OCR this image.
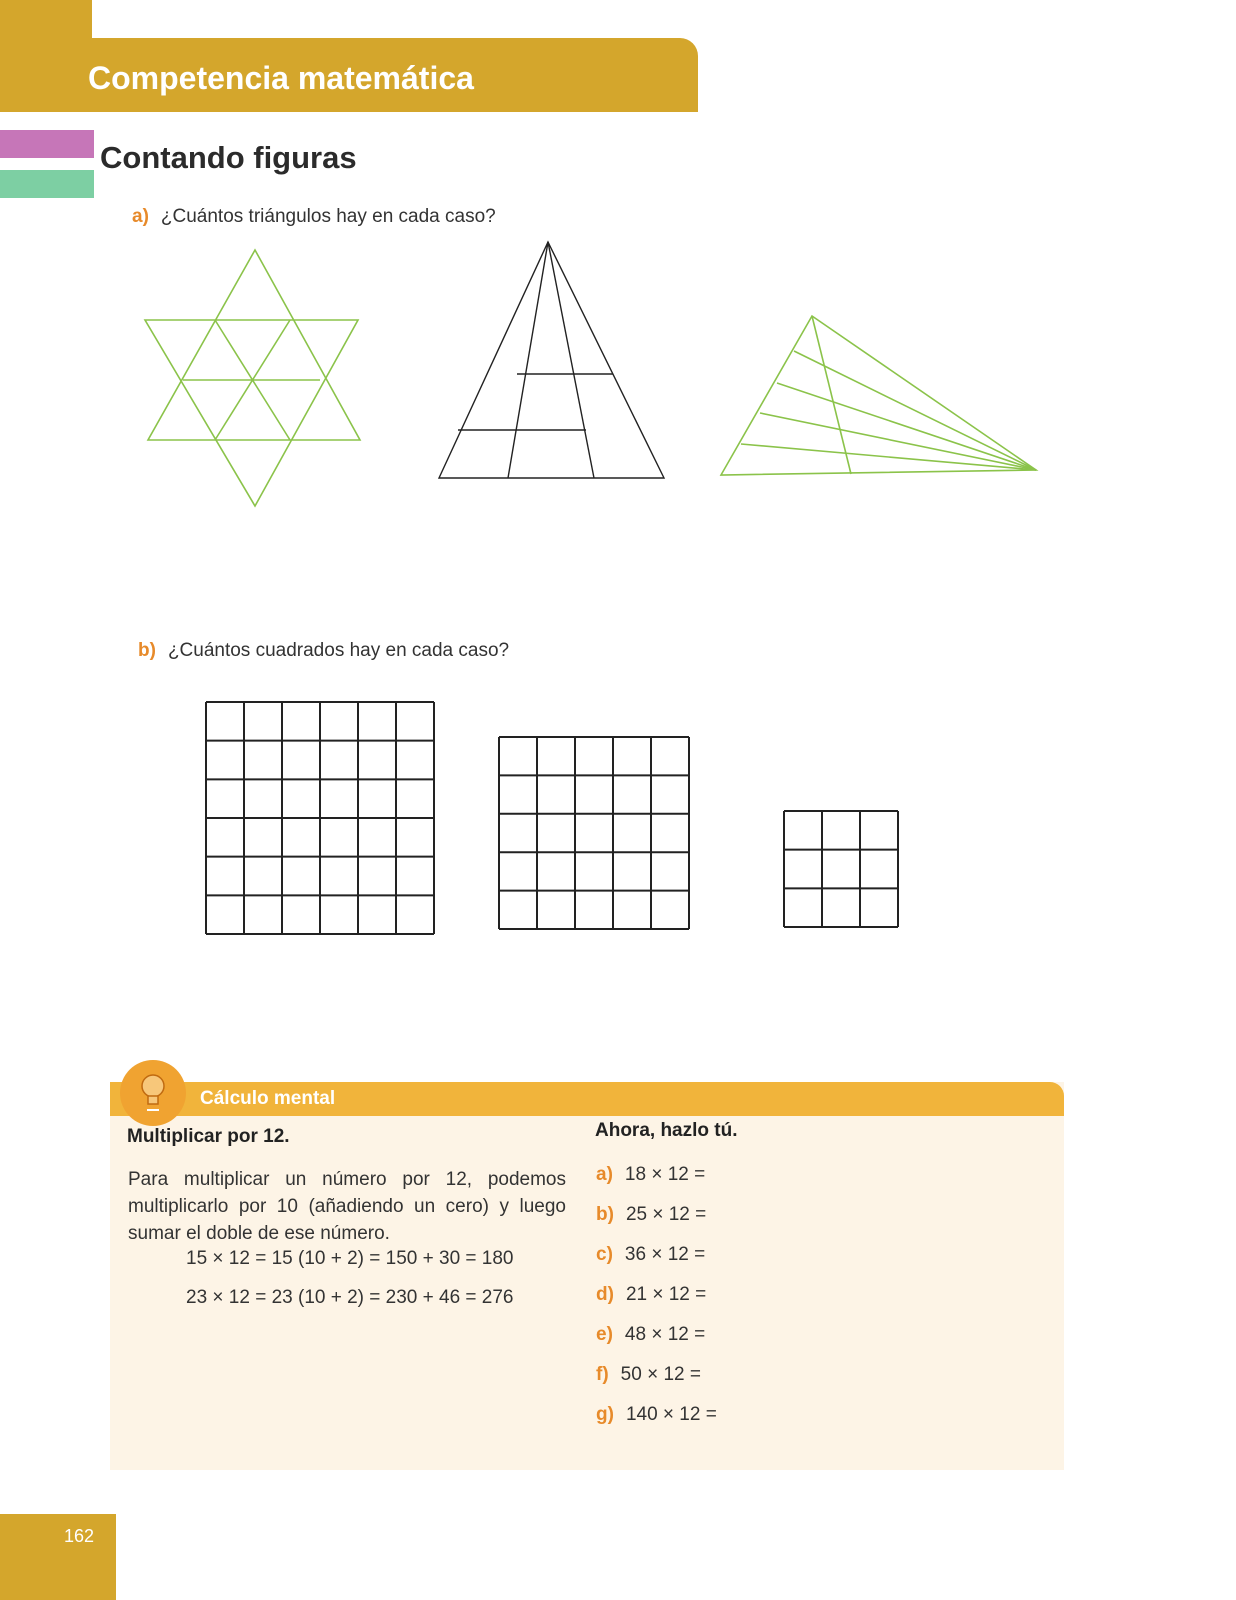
Competencia matemática
Contando figuras
a) ¿Cuántos triángulos hay en cada caso?
b) ¿Cuántos cuadrados hay en cada caso?
Cálculo mental
Multiplicar por 12.
Para multiplicar un número por 12, podemos multiplicarlo por 10 (añadiendo un cero) y luego sumar el doble de ese número.
15 × 12 = 15 (10 + 2) = 150 + 30 = 180
23 × 12 = 23 (10 + 2) = 230 + 46 = 276
Ahora, hazlo tú.
a) 18 × 12 =
b) 25 × 12 =
c) 36 × 12 =
d) 21 × 12 =
e) 48 × 12 =
f) 50 × 12 =
g) 140 × 12 =
162
